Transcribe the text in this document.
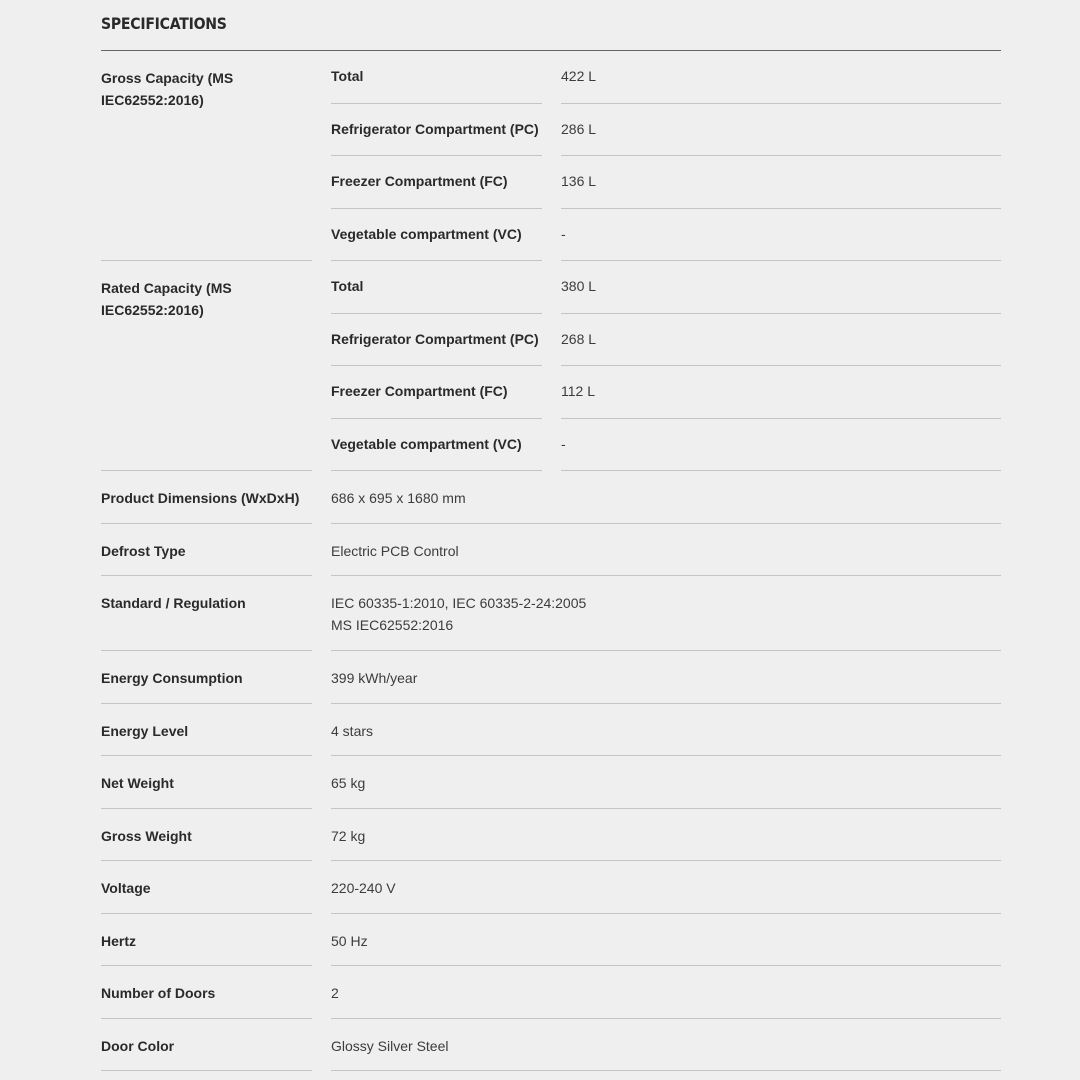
SPECIFICATIONS
Gross Capacity (MS
IEC62552:2016)
Total	422 L
Refrigerator Compartment (PC) 286 L
Freezer Compartment (FC)	136 L
Vegetable compartment (VC)	-
Rated Capacity (MS
IEC62552:2016)
Total	380 L
Refrigerator Compartment (PC) 268 L
Freezer Compartment (FC)	112 L
Vegetable compartment (VC)	-
Product Dimensions (WxDxH)	686 x 695 x 1680 mm
Defrost Type	Electric PCB Control
Standard / Regulation	IEC 60335-1:2010, IEC 60335-2-24:2005
MS IEC62552:2016
Energy Consumption	399 kWh/year
Energy Level	4 stars
Net Weight	65 kg
Gross Weight	72 kg
Voltage	220-240 V
Hertz	50 Hz
Number of Doors	2
Door Color	Glossy Silver Steel
